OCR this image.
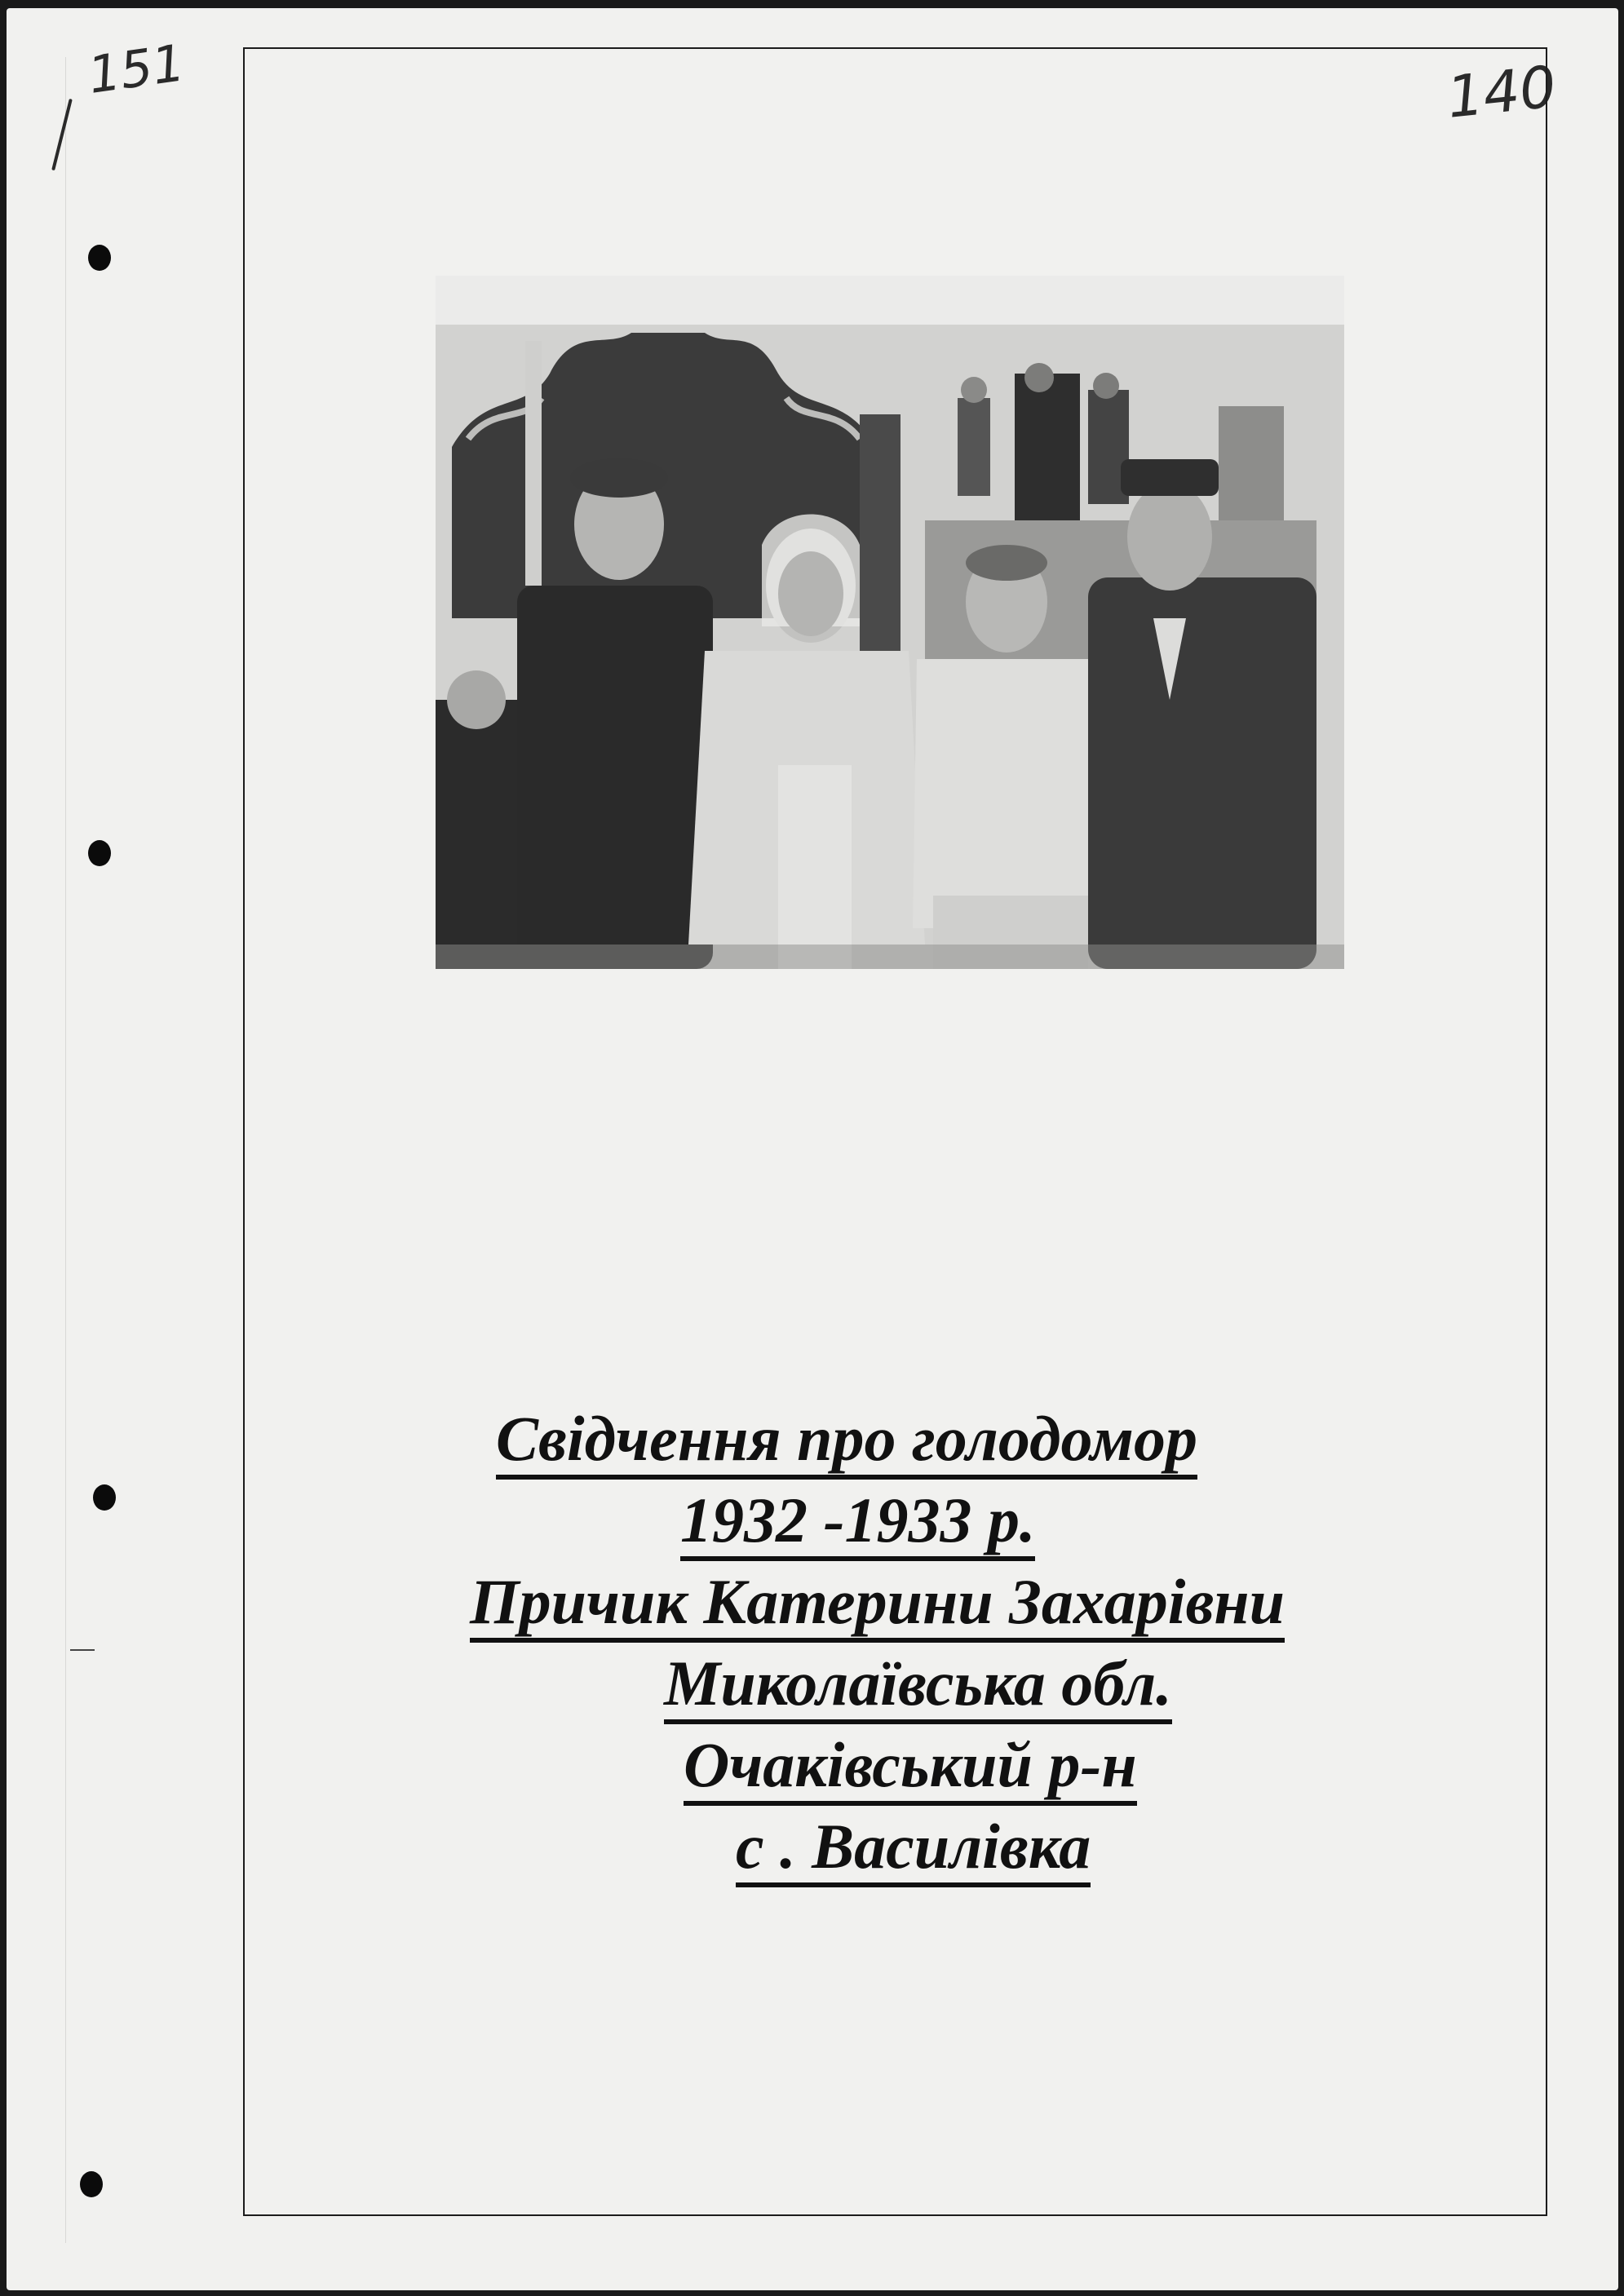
151	140
Свідчення про голодомор
1932 -1933 р.
Причик Катерини Захарівни
Миколаївська обл.
Очаківський р-н
с . Василівка
